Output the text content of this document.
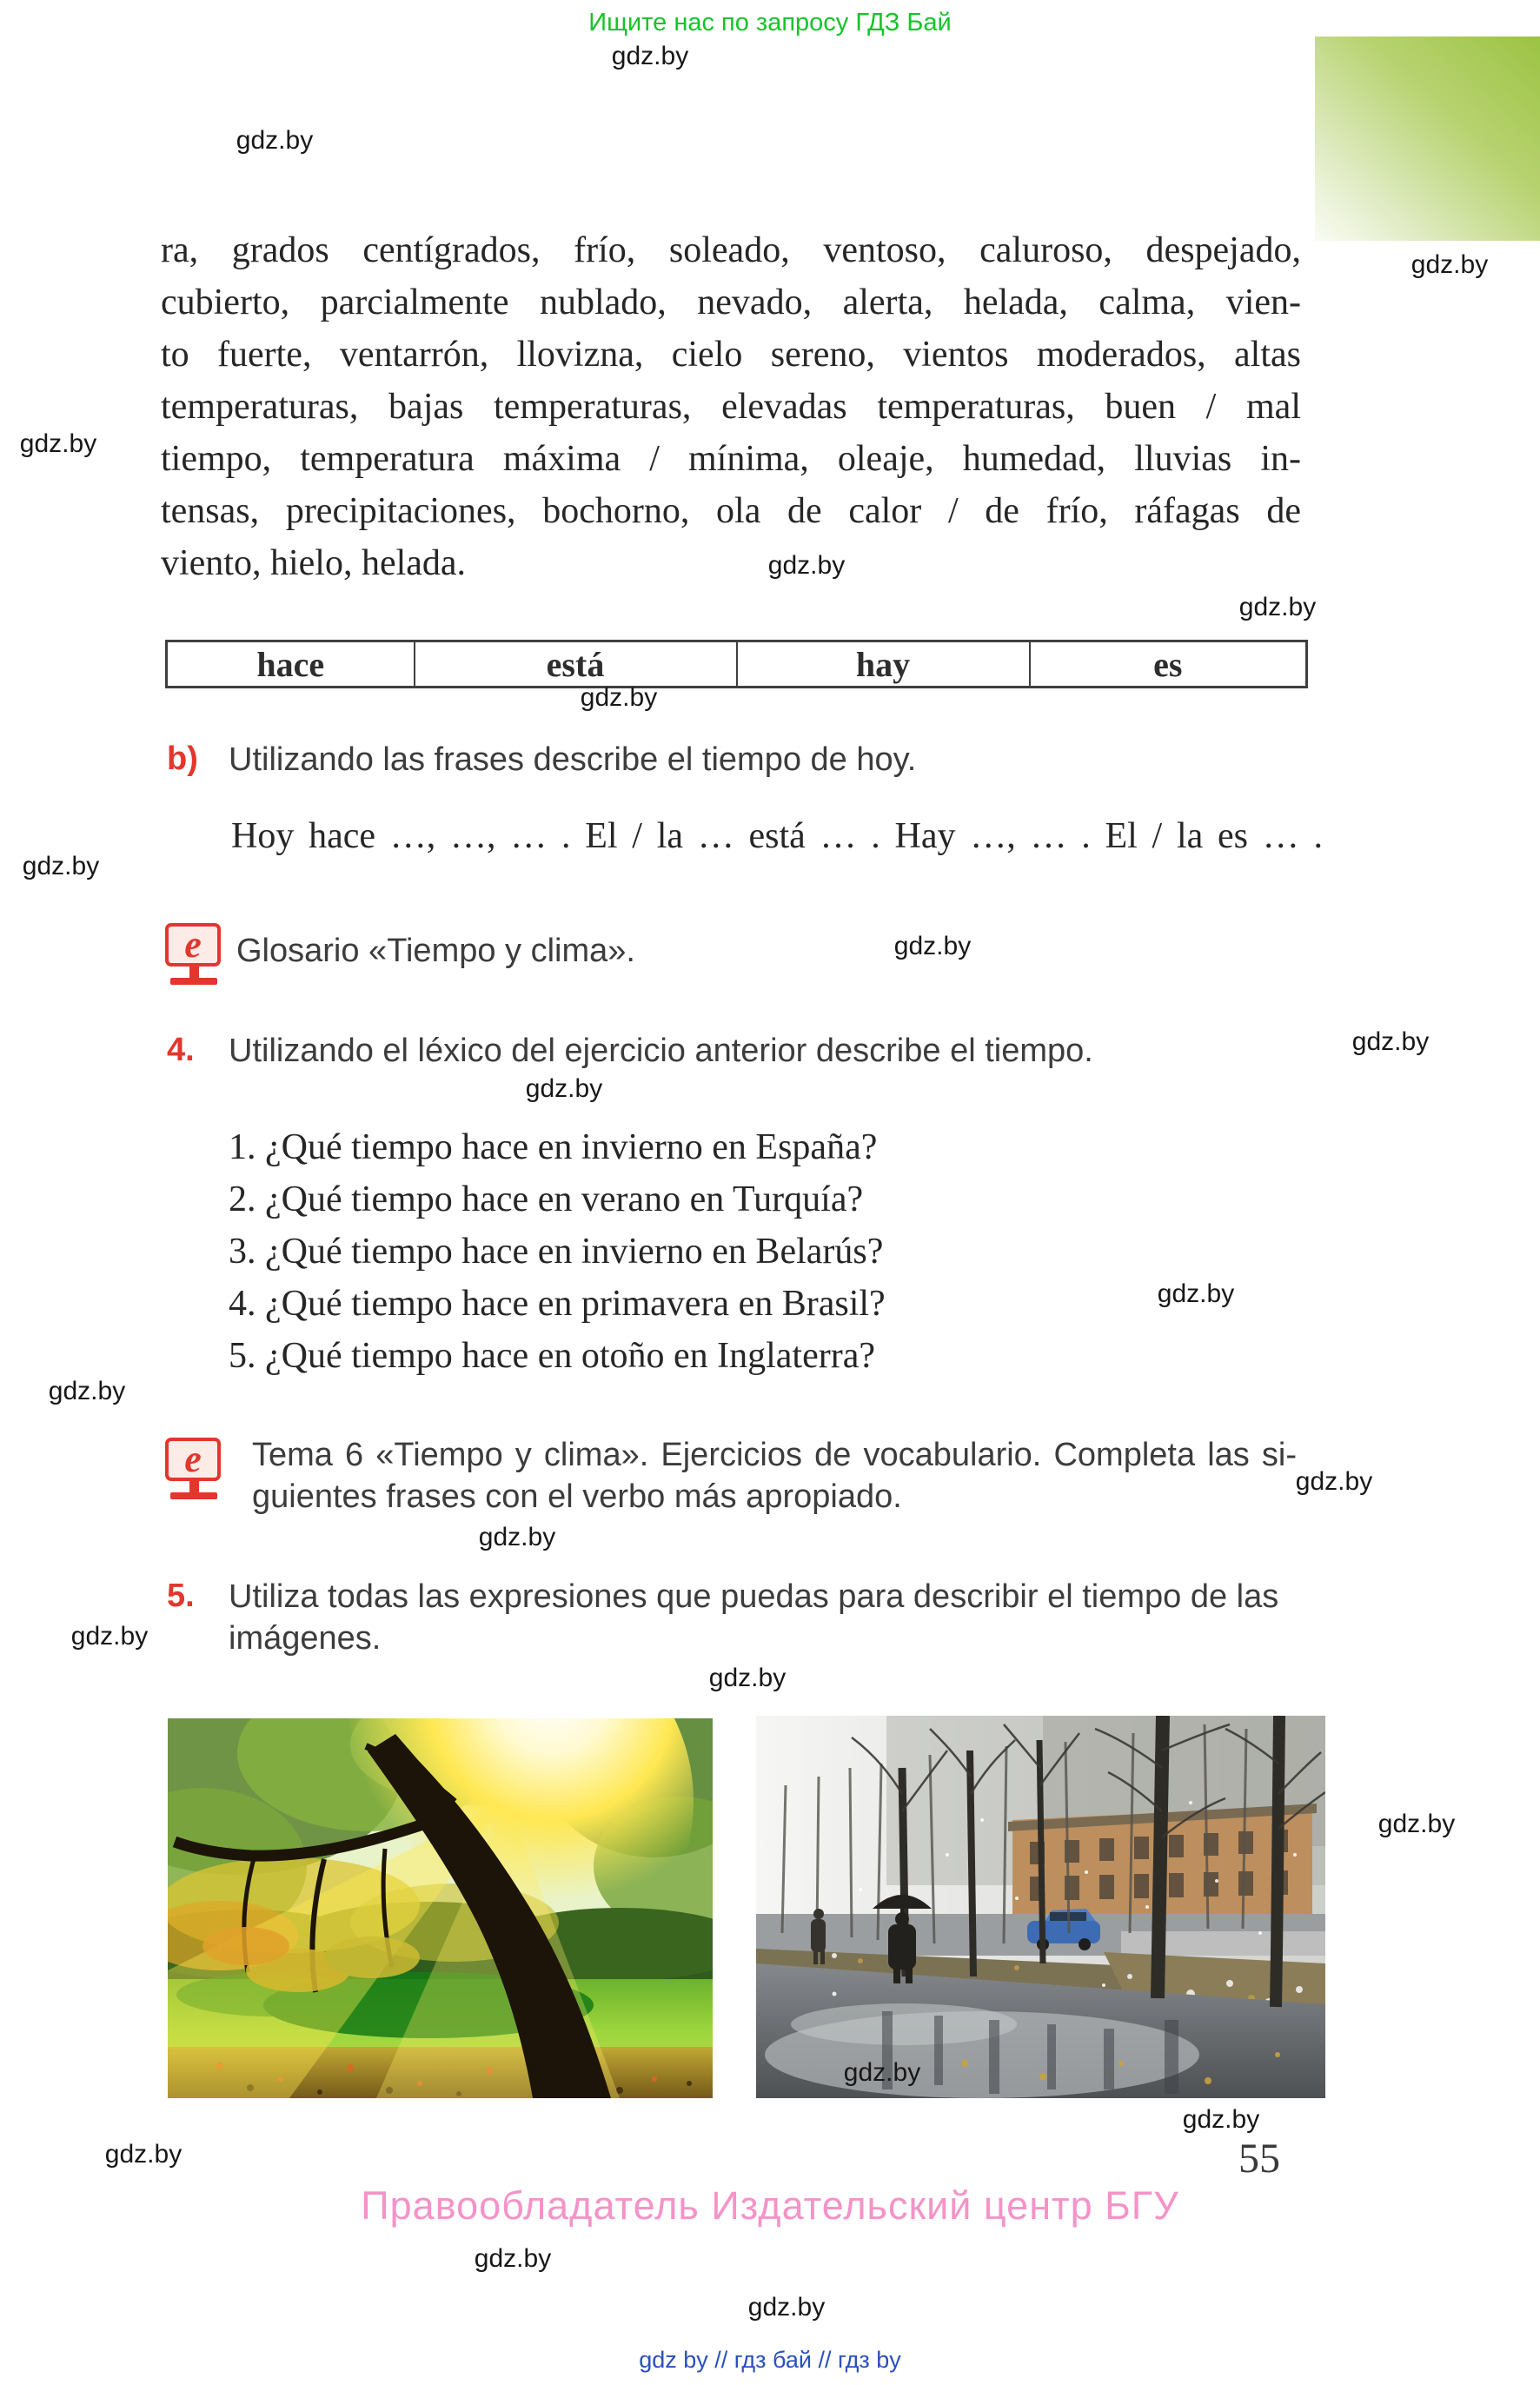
Ищите нас по запросу ГДЗ Бай
gdz.by
gdz.by
gdz.by
gdz.by
gdz.by
gdz.by
gdz.by
gdz.by
gdz.by
gdz.by
gdz.by
gdz.by
gdz.by
gdz.by
gdz.by
gdz.by
gdz.by
gdz.by
gdz.by
gdz.by
gdz.by
gdz.by
gdz.by
ra, grados centígrados, frío, soleado, ventoso, caluroso, despejado,
cubierto, parcialmente nublado, nevado, alerta, helada, calma, vien-
to fuerte, ventarrón, llovizna, cielo sereno, vientos moderados, altas
temperaturas, bajas temperaturas, elevadas temperaturas, buen / mal
tiempo, temperatura máxima / mínima, oleaje, humedad, lluvias in-
tensas, precipitaciones, bochorno, ola de calor / de frío, ráfagas de
viento, hielo, helada.
hace	está	hay	es
b) Utilizando las frases describe el tiempo de hoy.
Hoy hace …, …, … . El / la … está … . Hay …, … . El / la es … .
e Glosario «Tiempo y clima».
4.	Utilizando el léxico del ejercicio anterior describe el tiempo.
1. ¿Qué tiempo hace en invierno en España?
2. ¿Qué tiempo hace en verano en Turquía?
3. ¿Qué tiempo hace en invierno en Belarús?
4. ¿Qué tiempo hace en primavera en Brasil?
5. ¿Qué tiempo hace en otoño en Inglaterra?
e Tema 6 «Tiempo y clima». Ejercicios de vocabulario. Completa las si-
guientes frases con el verbo más apropiado.
5.	Utiliza todas las expresiones que puedas para describir el tiempo de las
imágenes.
55
Правообладатель Издательский центр БГУ
gdz by // гдз бай // гдз by
